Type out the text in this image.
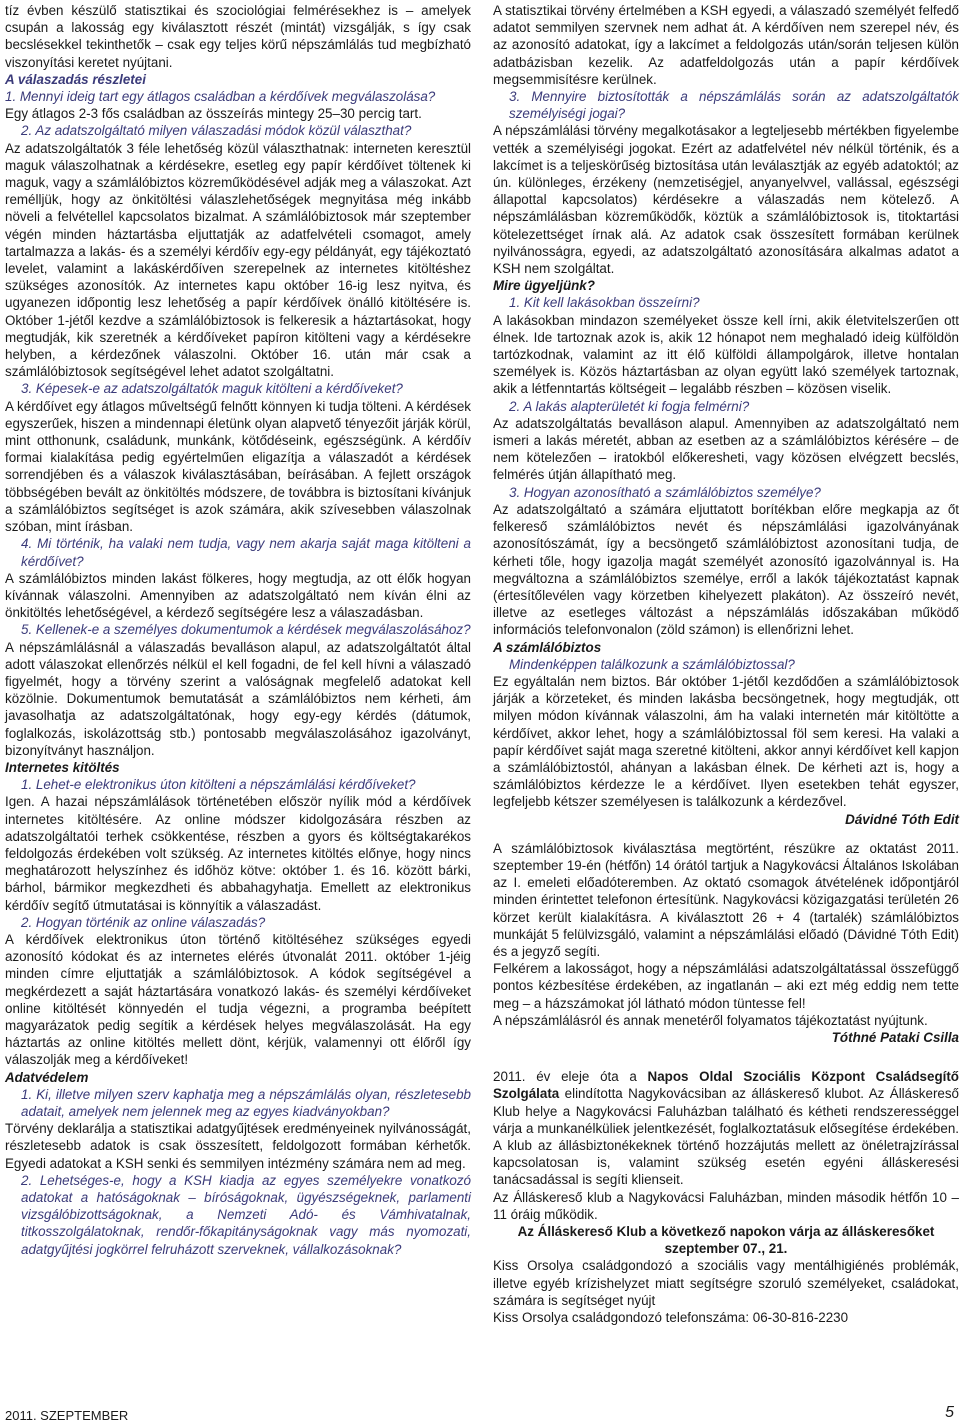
tíz évben készülő statisztikai és szociológiai felmérésekhez is – amelyek csupán a lakosság egy kiválasztott részét (mintát) vizsgálják, s így csak becslésekkel tekinthetők – csak egy teljes körű népszámlálás tud megbízható viszonyítási keretet nyújtani.

A válaszadás részletei

1. Mennyi ideig tart egy átlagos családban a kérdőívek megválaszolása?

Egy átlagos 2-3 fős családban az összeírás mintegy 25–30 percig tart.

2. Az adatszolgáltató milyen válaszadási módok közül választhat?

Az adatszolgáltatók 3 féle lehetőség közül választhatnak: interneten keresztül maguk válaszolhatnak a kérdésekre, esetleg egy papír kérdőívet töltenek ki maguk, vagy a számlálóbiztos közreműködésével adják meg a válaszokat. Azt remélljük, hogy az önkitöltési válaszlehetőségek megnyitása még inkább növeli a felvétellel kapcsolatos bizalmat. A számlálóbiztosok már szeptember végén minden háztartásba eljuttatják az adatfelvételi csomagot, amely tartalmazza a lakás- és a személyi kérdőív egy-egy példányát, egy tájékoztató levelet, valamint a lakáskérdőíven szerepelnek az internetes kitöltéshez szükséges azonosítók. Az internetes kapu október 16-ig lesz nyitva, és ugyanezen időpontig lesz lehetőség a papír kérdőívek önálló kitöltésére is. Október 1-jétől kezdve a számlálóbiztosok is felkeresik a háztartásokat, hogy megtudják, kik szeretnék a kérdőíveket papíron kitölteni vagy a kérdésekre helyben, a kérdezőnek válaszolni. Október 16. után már csak a számlálóbiztosok segítségével lehet adatot szolgáltatni.

3. Képesek-e az adatszolgáltatók maguk kitölteni a kérdőíveket?

A kérdőívet egy átlagos műveltségű felnőtt könnyen ki tudja tölteni. A kérdések egyszerűek, hiszen a mindennapi életünk olyan alapvető tényezőit járják körül, mint otthonunk, családunk, munkánk, kötődéseink, egészségünk. A kérdőív formai kialakítása pedig egyértelműen eligazítja a válaszadót a kérdések sorrendjében és a válaszok kiválasztásában, beírásában. A fejlett országok többségében bevált az önkitöltés módszere, de továbbra is biztosítani kívánjuk a számlálóbiztos segítséget is azok számára, akik szívesebben válaszolnak szóban, mint írásban.

4. Mi történik, ha valaki nem tudja, vagy nem akarja saját maga kitölteni a kérdőívet?

A számlálóbiztos minden lakást fölkeres, hogy megtudja, az ott élők hogyan kívánnak válaszolni. Amennyiben az adatszolgáltató nem kíván élni az önkitöltés lehetőségével, a kérdező segítségére lesz a válaszadásban.

5. Kellenek-e a személyes dokumentumok a kérdések megválaszolásához?

A népszámlálásnál a válaszadás bevalláson alapul, az adatszolgáltatót által adott válaszokat ellenőrzés nélkül el kell fogadni, de fel kell hívni a válaszadó figyelmét, hogy a törvény szerint a valóságnak megfelelő adatokat kell közölnie. Dokumentumok bemutatását a számlálóbiztos nem kérheti, ám javasolhatja az adatszolgáltatónak, hogy egy-egy kérdés (dátumok, foglalkozás, iskolázottság stb.) pontosabb megválaszolásához igazolványt, bizonyítványt használjon.

Internetes kitöltés

1. Lehet-e elektronikus úton kitölteni a népszámlálási kérdőíveket?

Igen. A hazai népszámlálások történetében először nyílik mód a kérdőívek internetes kitöltésére. Az online módszer kidolgozására részben az adatszolgáltatói terhek csökkentése, részben a gyors és költségtakarékos feldolgozás érdekében volt szükség. Az internetes kitöltés előnye, hogy nincs meghatározott helyszínhez és időhöz kötve: október 1. és 16. között bárki, bárhol, bármikor megkezdheti és abbahagyhatja. Emellett az elektronikus kérdőív segítő útmutatásai is könnyítik a válaszadást.

2. Hogyan történik az online válaszadás?

A kérdőívek elektronikus úton történő kitöltéséhez szükséges egyedi azonosító kódokat és az internetes elérés útvonalát 2011. október 1-jéig minden címre eljuttatják a számlálóbiztosok. A kódok segítségével a megkérdezett a saját háztartására vonatkozó lakás- és személyi kérdőíveket online kitöltését könnyedén el tudja végezni, a programba beépített magyarázatok pedig segítik a kérdések helyes megválaszolását. Ha egy háztartás az online kitöltés mellett dönt, kérjük, valamennyi ott élőről így válaszolják meg a kérdőíveket!

Adatvédelem

1. Ki, illetve milyen szerv kaphatja meg a népszámlálás olyan, részletesebb adatait, amelyek nem jelennek meg az egyes kiadványokban?

Törvény deklarálja a statisztikai adatgyűjtések eredményeinek nyilvánosságát, részletesebb adatok is csak összesített, feldolgozott formában kérhetők. Egyedi adatokat a KSH senki és semmilyen intézmény számára nem ad meg.

2. Lehetséges-e, hogy a KSH kiadja az egyes személyekre vonatkozó adatokat a hatóságoknak – bíróságoknak, ügyészségeknek, parlamenti vizsgálóbizottságoknak, a Nemzeti Adó- és Vámhivatalnak, titkosszolgálatoknak, rendőr-főkapitányságoknak vagy más nyomozati, adatgyűjtési jogkörrel felruházott szerveknek, vállalkozásoknak?

A statisztikai törvény értelmében a KSH egyedi, a válaszadó személyét felfedő adatot semmilyen szervnek nem adhat át. A kérdőíven nem szerepel név, és az azonosító adatokat, így a lakcímet a feldolgozás után/során teljesen külön adatbázisban kezelik. Az adatfeldolgozás után a papír kérdőívek megsemmisítésre kerülnek.

3. Mennyire biztosították a népszámlálás során az adatszolgáltatók személyiségi jogai?

A népszámlálási törvény megalkotásakor a legteljesebb mértékben figyelembe vették a személyiségi jogokat. Ezért az adatfelvétel név nélkül történik, és a lakcímet is a teljeskörűség biztosítása után leválasztják az egyéb adatoktól; az ún. különleges, érzékeny (nemzetiségjel, anyanyelvvel, vallással, egészségi állapottal kapcsolatos) kérdésekre a válaszadás nem kötelező. A népszámlálásban közreműködők, köztük a számlálóbiztosok is, titoktartási kötelezettséget írnak alá. Az adatok csak összesített formában kerülnek nyilvánosságra, egyedi, az adatszolgáltató azonosítására alkalmas adatot a KSH nem szolgáltat.

Mire ügyeljünk?

1. Kit kell lakásokban összeírni?

A lakásokban mindazon személyeket össze kell írni, akik életvitelszerűen ott élnek. Ide tartoznak azok is, akik 12 hónapot nem meghaladó ideig külföldön tartózkodnak, valamint az itt élő külföldi állampolgárok, illetve hontalan személyek is. Közös háztartásban az olyan együtt lakó személyek tartoznak, akik a létfenntartás költségeit – legalább részben – közösen viselik.

2. A lakás alapterületét ki fogja felmérni?

Az adatszolgáltatás bevalláson alapul. Amennyiben az adatszolgáltató nem ismeri a lakás méretét, abban az esetben az a számlálóbiztos kérésére – de nem kötelezően – iratokból előkeresheti, vagy közösen elvégzett becslés, felmérés útján állapítható meg.

3. Hogyan azonosítható a számlálóbiztos személye?

Az adatszolgáltató a számára eljuttatott borítékban előre megkapja az őt felkereső számlálóbiztos nevét és népszámlálási igazolványának azonosítószámát, így a becsöngető számlálóbiztost azonosítani tudja, de kérheti tőle, hogy igazolja magát személyét azonosító igazolvánnyal is. Ha megváltozna a számlálóbiztos személye, erről a lakók tájékoztatást kapnak (értesítőlevélen vagy körzetben kihelyezett plakáton). Az összeíró nevét, illetve az esetleges változást a népszámlálás időszakában működő információs telefonvonalon (zöld számon) is ellenőrizni lehet.

A számlálóbiztos

Mindenképpen találkozunk a számlálóbiztossal?

Ez egyáltalán nem biztos. Bár október 1-jétől kezdődően a számlálóbiztosok járják a körzeteket, és minden lakásba becsöngetnek, hogy megtudják, ott milyen módon kívánnak válaszolni, ám ha valaki internetén már kitöltötte a kérdőívet, akkor lehet, hogy a számlálóbiztossal föl sem keresi. Ha valaki a papír kérdőívet saját maga szeretné kitölteni, akkor annyi kérdőívet kell kapjon a számlálóbiztostól, ahányan a lakásban élnek. De kérheti azt is, hogy a számlálóbiztos kérdezze le a kérdőívet. Ilyen esetekben tehát egyszer, legfeljebb kétszer személyesen is találkozunk a kérdezővel.

Dávidné Tóth Edit

A számlálóbiztosok kiválasztása megtörtént, részükre az oktatást 2011. szeptember 19-én (hétfőn) 14 órától tartjuk a Nagykovácsi Általános Iskolában az I. emeleti előadóteremben. Az oktató csomagok átvételének időpontjáról minden érintettet telefonon értesítünk. Nagykovácsi közigazgatási területén 26 körzet került kialakításra. A kiválasztott 26 + 4 (tartalék) számlálóbiztos munkáját 5 felülvizsgáló, valamint a népszámlálási előadó (Dávidné Tóth Edit) és a jegyző segíti.

Felkérem a lakosságot, hogy a népszámlálási adatszolgáltatással összefüggő pontos kézbesítése érdekében, az ingatlanán – aki ezt még eddig nem tette meg – a házszámokat jól látható módon tüntesse fel!

A népszámlálásról és annak menetéről folyamatos tájékoztatást nyújtunk.

Tóthné Pataki Csilla

2011. év eleje óta a Napos Oldal Szociális Központ Családsegítő Szolgálata elindította Nagykovácsiban az álláskereső klubot. Az Álláskereső Klub helye a Nagykovácsi Faluházban található és kétheti rendszerességgel várja a munkanélküliek jelentkezését, foglalkoztatásuk elősegítése érdekében. A klub az állásbiztonékeknek történő hozzájutás mellett az önéletrajzírással kapcsolatosan is, valamint szükség esetén egyéni álláskeresési tanácsadással is segíti klienseit.

Az Álláskereső klub a Nagykovácsi Faluházban, minden második hétfőn 10 – 11 óráig működik.

Az Álláskereső Klub a következő napokon várja az álláskeresőket szeptember 07., 21.

Kiss Orsolya családgondozó a szociális vagy mentálhigiénés problémák, illetve egyéb krízishelyzet miatt segítségre szoruló személyeket, családokat, számára is segítséget nyújt

Kiss Orsolya családgondozó telefonszáma: 06-30-816-2230

2011. SZEPTEMBER	5
